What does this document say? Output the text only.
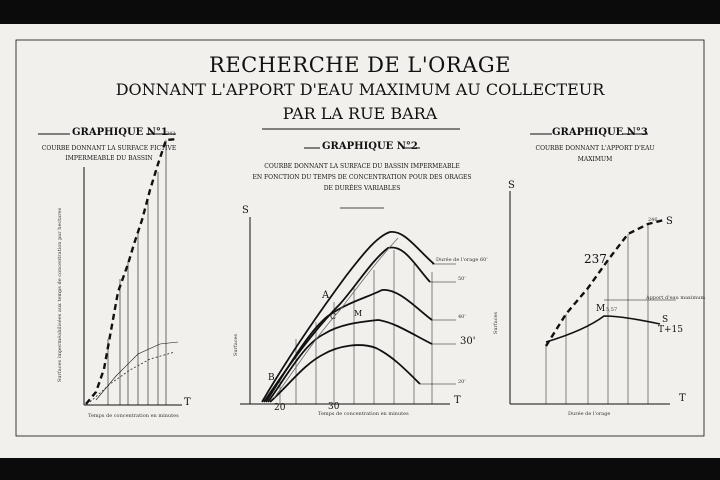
RECHERCHE DE L'ORAGE
DONNANT L'APPORT D'EAU MAXIMUM AU COLLECTEUR
PAR LA RUE BARA
GRAPHIQUE N°1
COURBE DONNANT LA SURFACE FICTIVE
IMPERMEABLE DU BASSIN
Surfaces imperméabilisées aux temps de concentration par hectares
Temps de concentration en minutes
T
242
GRAPHIQUE N°2
COURBE DONNANT LA SURFACE DU BASSIN IMPERMEABLE
EN FONCTION DU TEMPS DE CONCENTRATION POUR DES ORAGES
DE DURÉES VARIABLES
S
Surfaces
T
Temps de concentration en minutes
Durée de l'orage 60'
50'
40'
30'
20'
A
B
C M
20	30
GRAPHIQUE N°3
COURBE DONNANT L'APPORT D'EAU
MAXIMUM
S
Surfaces
T
Durée de l'orage
237
M 5,57
Apport d'eau maximum
S
T+15
246 S
